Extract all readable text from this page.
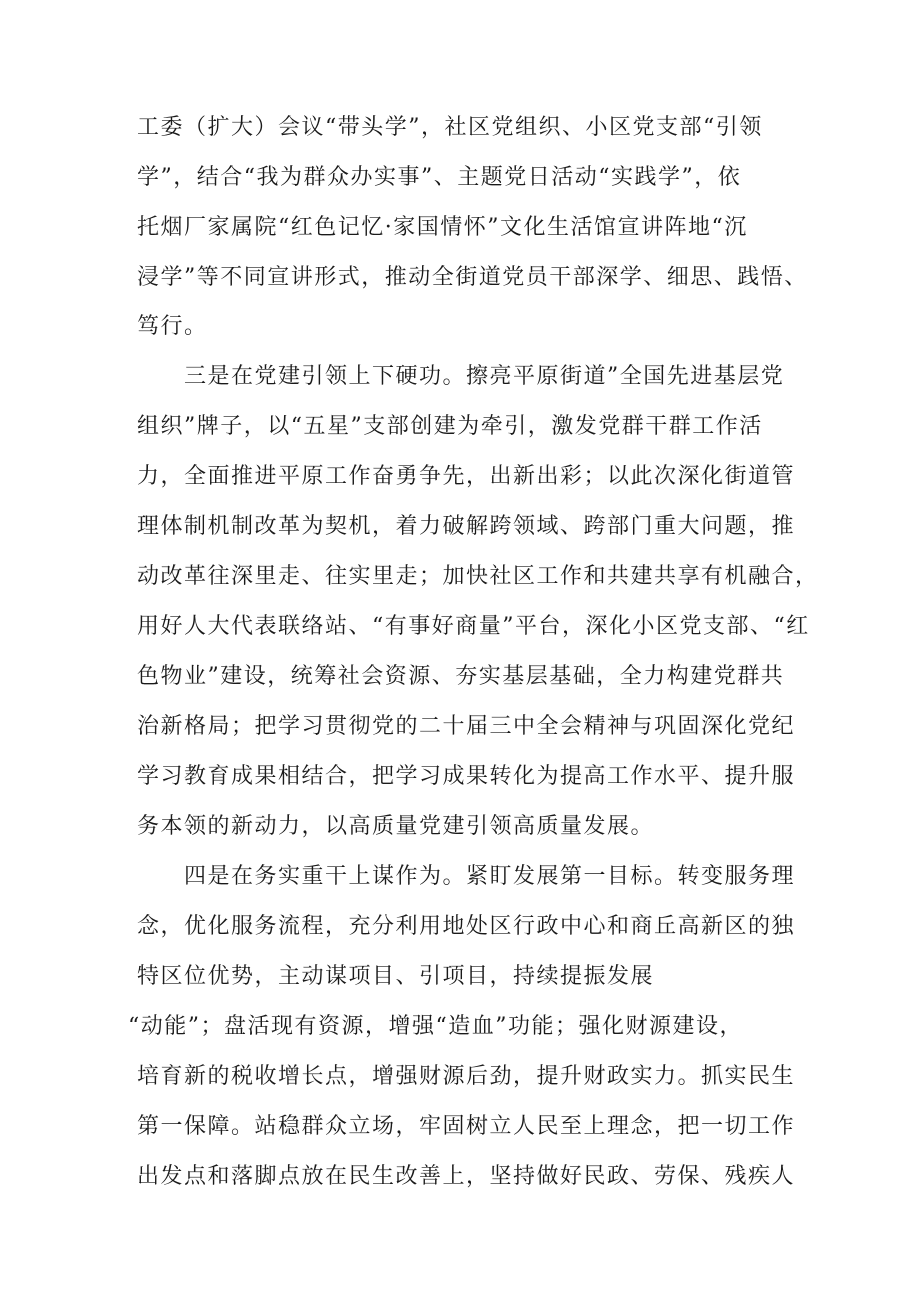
工委（扩大）会议“带头学”，社区党组织、小区党支部“引领
学”，结合“我为群众办实事”、主题党日活动“实践学”，依
托烟厂家属院“红色记忆·家国情怀”文化生活馆宣讲阵地“沉
浸学”等不同宣讲形式，推动全街道党员干部深学、细思、践悟、
笃行。
三是在党建引领上下硬功。擦亮平原街道”全国先进基层党
组织”牌子，以“五星”支部创建为牵引，激发党群干群工作活
力，全面推进平原工作奋勇争先，出新出彩；以此次深化街道管
理体制机制改革为契机，着力破解跨领域、跨部门重大问题，推
动改革往深里走、往实里走；加快社区工作和共建共享有机融合，
用好人大代表联络站、“有事好商量”平台，深化小区党支部、“红
色物业”建设，统筹社会资源、夯实基层基础，全力构建党群共
治新格局；把学习贯彻党的二十届三中全会精神与巩固深化党纪
学习教育成果相结合，把学习成果转化为提高工作水平、提升服
务本领的新动力，以高质量党建引领高质量发展。
四是在务实重干上谋作为。紧盯发展第一目标。转变服务理
念，优化服务流程，充分利用地处区行政中心和商丘高新区的独
特区位优势，主动谋项目、引项目，持续提振发展
“动能”；盘活现有资源，增强“造血”功能；强化财源建设，
培育新的税收增长点，增强财源后劲，提升财政实力。抓实民生
第一保障。站稳群众立场，牢固树立人民至上理念，把一切工作
出发点和落脚点放在民生改善上，坚持做好民政、劳保、残疾人
